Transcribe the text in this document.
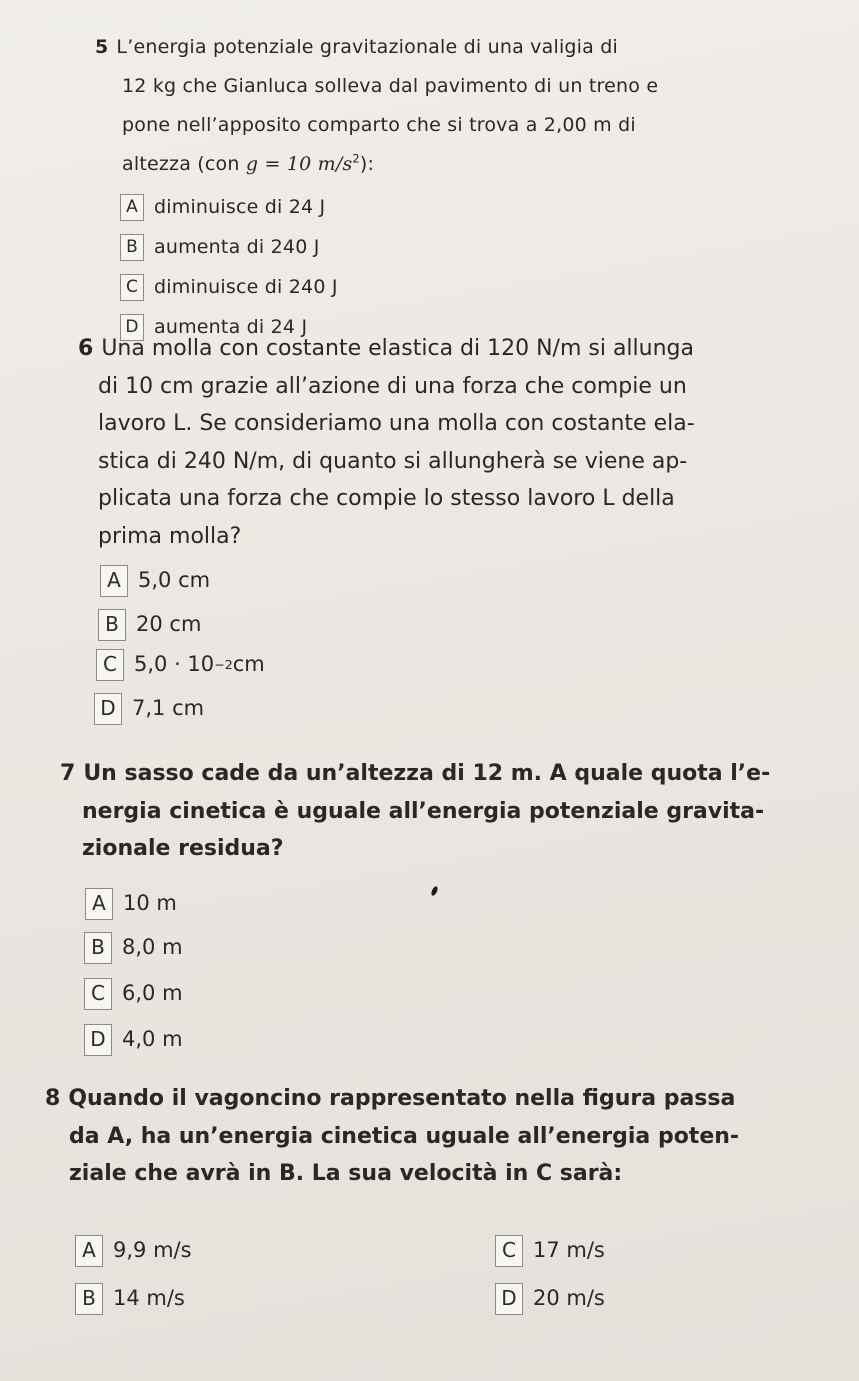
5 L’energia potenziale gravitazionale di una valigia di
12 kg che Gianluca solleva dal pavimento di un treno e
pone nell’apposito comparto che si trova a 2,00 m di
altezza (con g = 10 $m/s^2$):
A diminuisce di 24 J
B aumenta di 240 J
C diminuisce di 240 J
D aumenta di 24 J
6 Una molla con costante elastica di 120 N/m si allunga
di 10 cm grazie all’azione di una forza che compie un
lavoro L. Se consideriamo una molla con costante ela-
stica di 240 N/m, di quanto si allungherà se viene ap-
plicata una forza che compie lo stesso lavoro L della
prima molla?
A 5,0 cm
B 20 cm
C 5,0 · 10 −2 cm
D 7,1 cm
7 Un sasso cade da un’altezza di 12 m. A quale quota l’e-
nergia cinetica è uguale all’energia potenziale gravita-
zionale residua?
A 10 m
B 8,0 m
C 6,0 m
D 4,0 m
8 Quando il vagoncino rappresentato nella figura passa
da A, ha un’energia cinetica uguale all’energia poten-
ziale che avrà in B. La sua velocità in C sarà:
A 9,9 m/s	C 17 m/s
B 14 m/s	D 20 m/s
